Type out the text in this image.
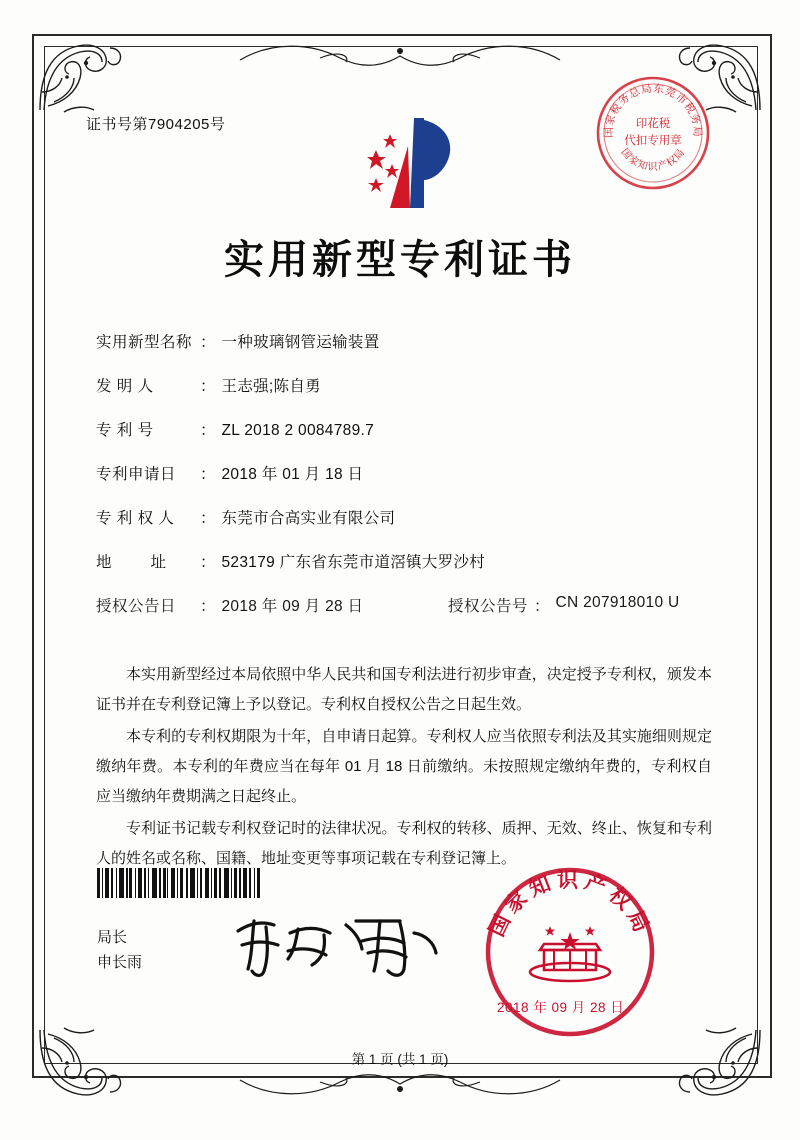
证书号第7904205号	国家税务总局东莞市税务局
国家知识产权局
印花税
代扣专用章
实用新型专利证书
实用新型名称 ： 一种玻璃钢管运输装置
发 明 人	： 王志强;陈自勇
专 利 号	： ZL 2018 2 0084789.7
专利申请日	： 2018 年 01 月 18 日
专 利 权 人	： 东莞市合高实业有限公司
地        址	： 523179 广东省东莞市道滘镇大罗沙村
授权公告日	： 2018 年 09 月 28 日	授权公告号 ： CN 207918010 U

本实用新型经过本局依照中华人民共和国专利法进行初步审查，决定授予专利权，颁发本证书并在专利登记簿上予以登记。专利权自授权公告之日起生效。

本专利的专利权期限为十年，自申请日起算。专利权人应当依照专利法及其实施细则规定缴纳年费。本专利的年费应当在每年 01 月 18 日前缴纳。未按照规定缴纳年费的，专利权自应当缴纳年费期满之日起终止。

专利证书记载专利权登记时的法律状况。专利权的转移、质押、无效、终止、恢复和专利人的姓名或名称、国籍、地址变更等事项记载在专利登记簿上。

局长
申长雨
国家知识产权局
2018 年 09 月 28 日
第 1 页 (共 1 页)
